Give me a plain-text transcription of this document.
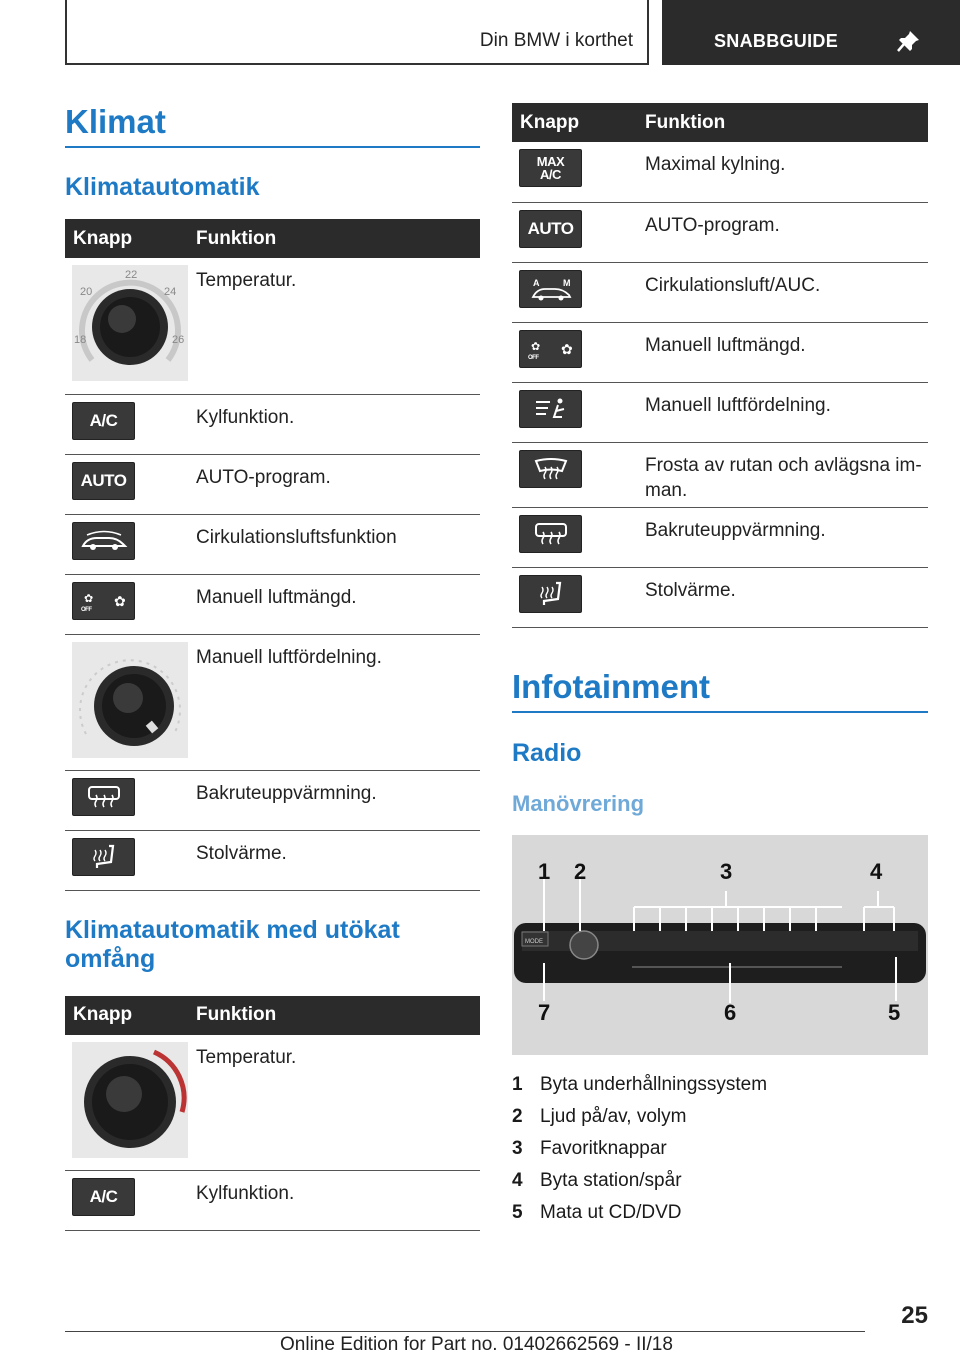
Din BMW i korthet	SNABBGUIDE
Klimat
Klimatautomatik
Knapp	Funktion

22
20 24
18 26	Temperatur.

A/C	Kylfunktion.

AUTO	AUTO-program.

	Cirkulationsluftsfunktion

✿
OFF ✿	Manuell luftmängd.

	Manuell luftfördelning.

	Bakruteuppvärmning.

	Stolvärme.
Klimatautomatik med utökat omfång
Knapp	Funktion

	Temperatur.

A/C	Kylfunktion.
Knapp	Funktion

MAX
A/C	Maximal kylning.

AUTO	AUTO-program.

A M	Cirkulationsluft/AUC.

✿
OFF ✿	Manuell luftmängd.

	Manuell luftfördelning.

	Frosta av rutan och avlägsna im-man.

	Bakruteuppvärmning.

	Stolvärme.
Infotainment
Radio
Manövrering
MODE
1 2	3	4
5
6
7
1 Byta underhållningssystem
2 Ljud på/av, volym
3 Favoritknappar
4 Byta station/spår
5 Mata ut CD/DVD
25
Online Edition for Part no. 01402662569 - II/18
